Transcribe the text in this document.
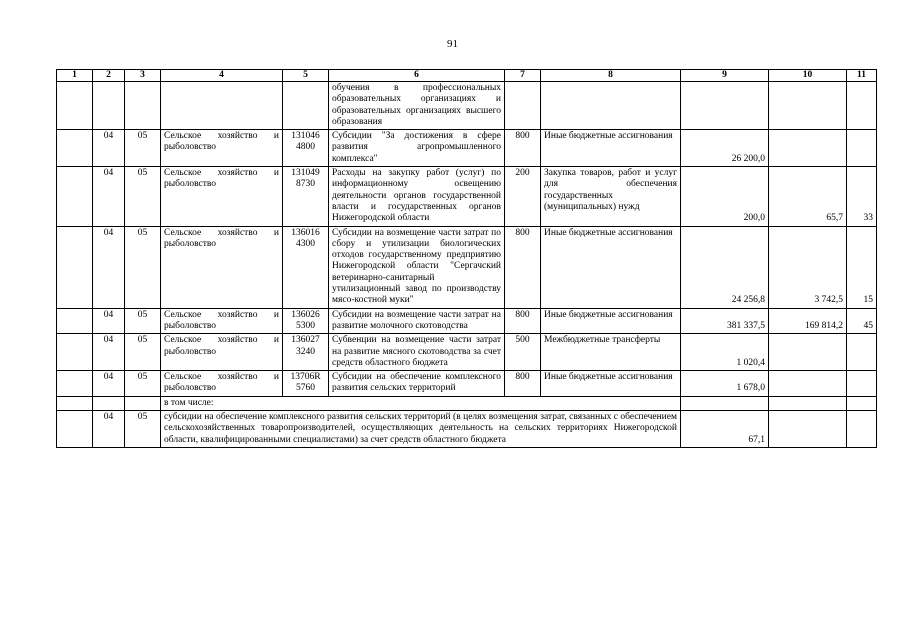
91
1	2	3	4	5	6	7	8	9	10	11
					обучения в профессиональных образовательных организациях и образовательных организациях высшего образования					
	04	05	Сельское хозяйство и рыболовство	131046 4800	Субсидии "За достижения в сфере развития агропромышленного комплекса"	800	Иные бюджетные ассигнования	26 200,0		
	04	05	Сельское хозяйство и рыболовство	131049 8730	Расходы на закупку работ (услуг) по информационному освещению деятельности органов государственной власти и государственных органов Нижегородской области	200	Закупка товаров, работ и услуг для обеспечения государственных (муниципальных) нужд	200,0	65,7	33
	04	05	Сельское хозяйство и рыболовство	136016 4300	Субсидии на возмещение части затрат по сбору и утилизации биологических отходов государственному предприятию Нижегородской области "Сергачский ветеринарно-санитарный утилизационный завод по производству мясо-костной муки"	800	Иные бюджетные ассигнования	24 256,8	3 742,5	15
	04	05	Сельское хозяйство и рыболовство	136026 5300	Субсидии на возмещение части затрат на развитие молочного скотоводства	800	Иные бюджетные ассигнования	381 337,5	169 814,2	45
	04	05	Сельское хозяйство и рыболовство	136027 3240	Субвенции на возмещение части затрат на развитие мясного скотоводства за счет средств областного бюджета	500	Межбюджетные трансферты	1 020,4		
	04	05	Сельское хозяйство и рыболовство	13706R 5760	Субсидии на обеспечение комплексного развития сельских территорий	800	Иные бюджетные ассигнования	1 678,0		
			в том числе:							
	04	05	субсидии на обеспечение комплексного развития сельских территорий (в целях возмещения затрат, связанных с обеспечением сельскохозяйственных товаропроизводителей, осуществляющих деятельность на сельских территориях Нижегородской области, квалифицированными специалистами) за счет средств областного бюджета					67,1		
